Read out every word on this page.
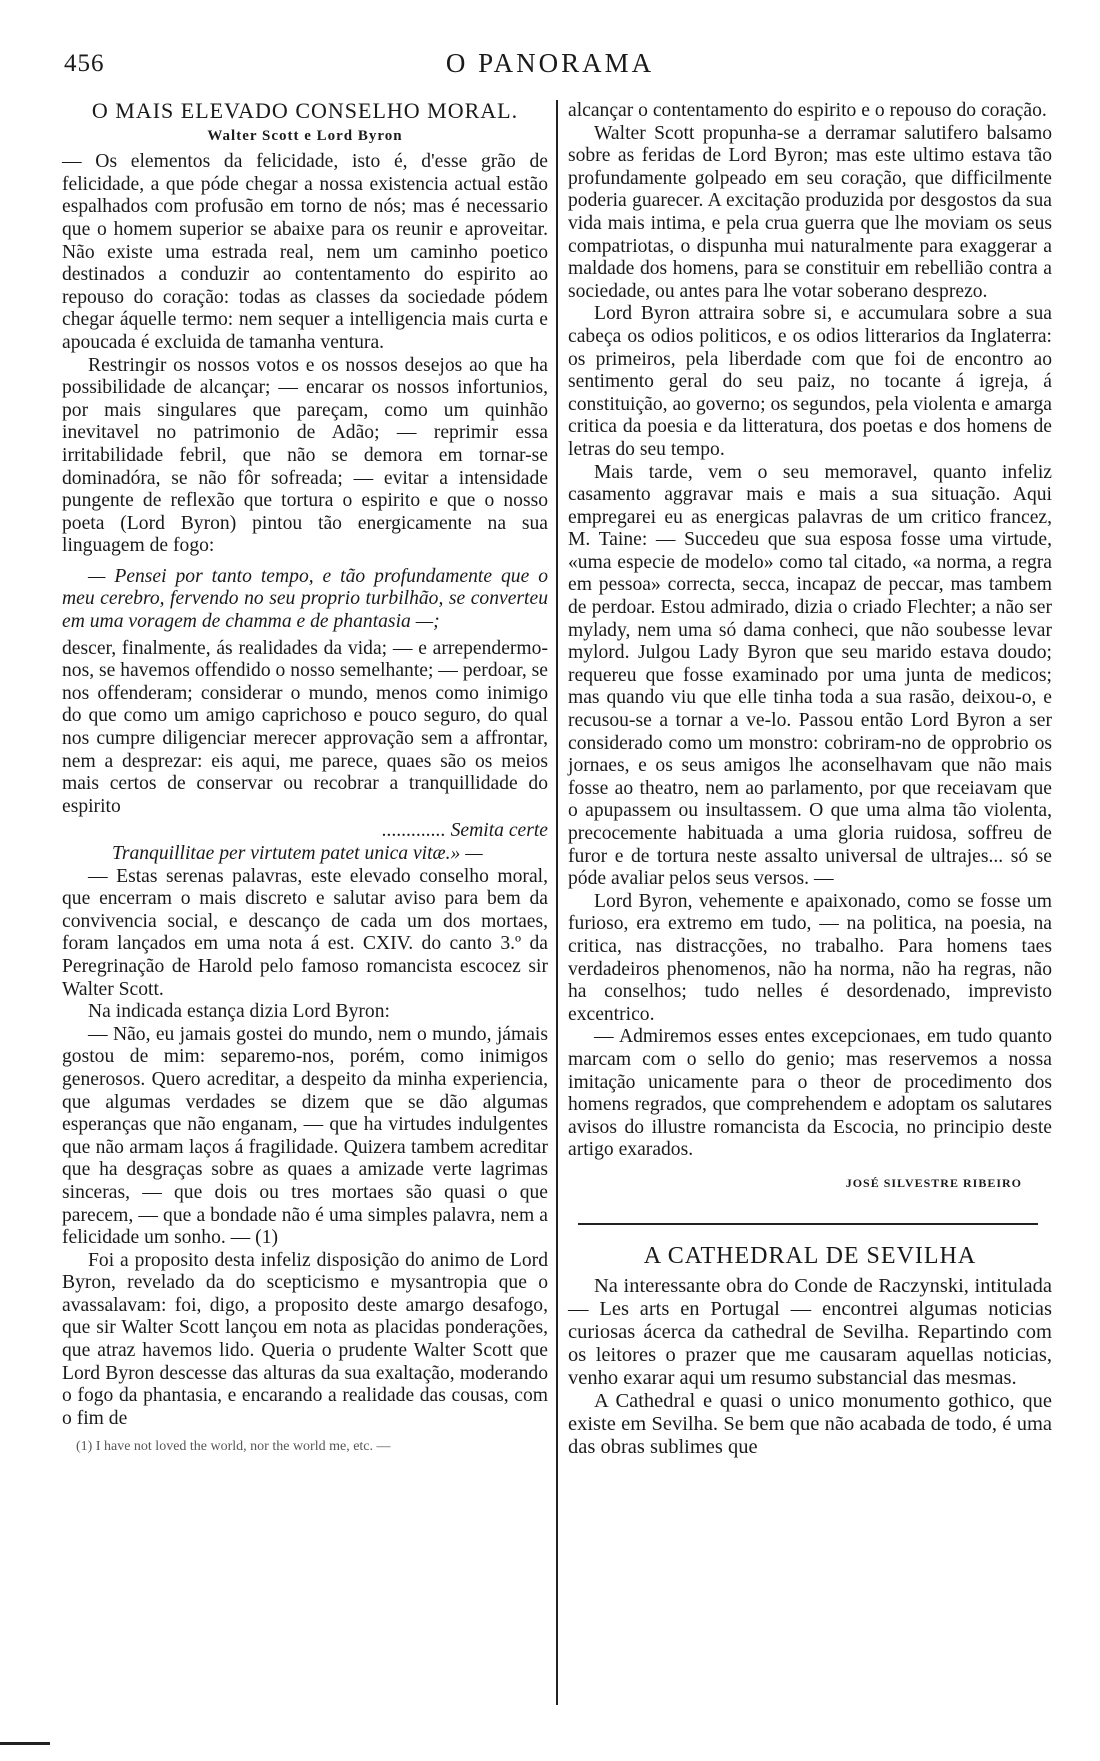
456	O PANORAMA
O MAIS ELEVADO CONSELHO MORAL.
Walter Scott e Lord Byron

— Os elementos da felicidade, isto é, d'esse grão de felicidade, a que póde chegar a nossa existencia actual estão espalhados com profusão em torno de nós; mas é necessario que o homem superior se abaixe para os reunir e aproveitar. Não existe uma estrada real, nem um caminho poetico destinados a conduzir ao contentamento do espirito ao repouso do coração: todas as classes da sociedade pódem chegar áquelle termo: nem sequer a intelligencia mais curta e apoucada é excluida de tamanha ventura.

Restringir os nossos votos e os nossos desejos ao que ha possibilidade de alcançar; — encarar os nossos infortunios, por mais singulares que pareçam, como um quinhão inevitavel no patrimonio de Adão; — reprimir essa irritabilidade febril, que não se demora em tornar-se dominadóra, se não fôr sofreada; — evitar a intensidade pungente de reflexão que tortura o espirito e que o nosso poeta (Lord Byron) pintou tão energicamente na sua linguagem de fogo:

— Pensei por tanto tempo, e tão profundamente que o meu cerebro, fervendo no seu proprio turbilhão, se converteu em uma voragem de chamma e de phantasia —;

descer, finalmente, ás realidades da vida; — e arrependermo-nos, se havemos offendido o nosso semelhante; — perdoar, se nos offenderam; considerar o mundo, menos como inimigo do que como um amigo caprichoso e pouco seguro, do qual nos cumpre diligenciar merecer approvação sem a affrontar, nem a desprezar: eis aqui, me parece, quaes são os meios mais certos de conservar ou recobrar a tranquillidade do espirito

............. Semita certe

Tranquillitae per virtutem patet unica vitæ.» —

— Estas serenas palavras, este elevado conselho moral, que encerram o mais discreto e salutar aviso para bem da convivencia social, e descanço de cada um dos mortaes, foram lançados em uma nota á est. CXIV. do canto 3.º da Peregrinação de Harold pelo famoso romancista escocez sir Walter Scott.

Na indicada estança dizia Lord Byron:

— Não, eu jamais gostei do mundo, nem o mundo, jámais gostou de mim: separemo-nos, porém, como inimigos generosos. Quero acreditar, a despeito da minha experiencia, que algumas verdades se dizem que se dão algumas esperanças que não enganam, — que ha virtudes indulgentes que não armam laços á fragilidade. Quizera tambem acreditar que ha desgraças sobre as quaes a amizade verte lagrimas sinceras, — que dois ou tres mortaes são quasi o que parecem, — que a bondade não é uma simples palavra, nem a felicidade um sonho. — (1)

Foi a proposito desta infeliz disposição do animo de Lord Byron, revelado da do scepticismo e mysantropia que o avassalavam: foi, digo, a proposito deste amargo desafogo, que sir Walter Scott lançou em nota as placidas ponderações, que atraz havemos lido. Queria o prudente Walter Scott que Lord Byron descesse das alturas da sua exaltação, moderando o fogo da phantasia, e encarando a realidade das cousas, com o fim de

(1) I have not loved the world, nor the world me, etc. —

alcançar o contentamento do espirito e o repouso do coração.

Walter Scott propunha-se a derramar salutifero balsamo sobre as feridas de Lord Byron; mas este ultimo estava tão profundamente golpeado em seu coração, que difficilmente poderia guarecer. A excitação produzida por desgostos da sua vida mais intima, e pela crua guerra que lhe moviam os seus compatriotas, o dispunha mui naturalmente para exaggerar a maldade dos homens, para se constituir em rebellião contra a sociedade, ou antes para lhe votar soberano desprezo.

Lord Byron attraira sobre si, e accumulara sobre a sua cabeça os odios politicos, e os odios litterarios da Inglaterra: os primeiros, pela liberdade com que foi de encontro ao sentimento geral do seu paiz, no tocante á igreja, á constituição, ao governo; os segundos, pela violenta e amarga critica da poesia e da litteratura, dos poetas e dos homens de letras do seu tempo.

Mais tarde, vem o seu memoravel, quanto infeliz casamento aggravar mais e mais a sua situação. Aqui empregarei eu as energicas palavras de um critico francez, M. Taine: — Succedeu que sua esposa fosse uma virtude, «uma especie de modelo» como tal citado, «a norma, a regra em pessoa» correcta, secca, incapaz de peccar, mas tambem de perdoar. Estou admirado, dizia o criado Flechter; a não ser mylady, nem uma só dama conheci, que não soubesse levar mylord. Julgou Lady Byron que seu marido estava doudo; requereu que fosse examinado por uma junta de medicos; mas quando viu que elle tinha toda a sua rasão, deixou-o, e recusou-se a tornar a ve-lo. Passou então Lord Byron a ser considerado como um monstro: cobriram-no de opprobrio os jornaes, e os seus amigos lhe aconselhavam que não mais fosse ao theatro, nem ao parlamento, por que receiavam que o apupassem ou insultassem. O que uma alma tão violenta, precocemente habituada a uma gloria ruidosa, soffreu de furor e de tortura neste assalto universal de ultrajes... só se póde avaliar pelos seus versos. —

Lord Byron, vehemente e apaixonado, como se fosse um furioso, era extremo em tudo, — na politica, na poesia, na critica, nas distracções, no trabalho. Para homens taes verdadeiros phenomenos, não ha norma, não ha regras, não ha conselhos; tudo nelles é desordenado, imprevisto excentrico.

— Admiremos esses entes excepcionaes, em tudo quanto marcam com o sello do genio; mas reservemos a nossa imitação unicamente para o theor de procedimento dos homens regrados, que comprehendem e adoptam os salutares avisos do illustre romancista da Escocia, no principio deste artigo exarados.

JOSÉ SILVESTRE RIBEIRO
A CATHEDRAL DE SEVILHA

Na interessante obra do Conde de Raczynski, intitulada — Les arts en Portugal — encontrei algumas noticias curiosas ácerca da cathedral de Sevilha. Repartindo com os leitores o prazer que me causaram aquellas noticias, venho exarar aqui um resumo substancial das mesmas.

A Cathedral e quasi o unico monumento gothico, que existe em Sevilha. Se bem que não acabada de todo, é uma das obras sublimes que
